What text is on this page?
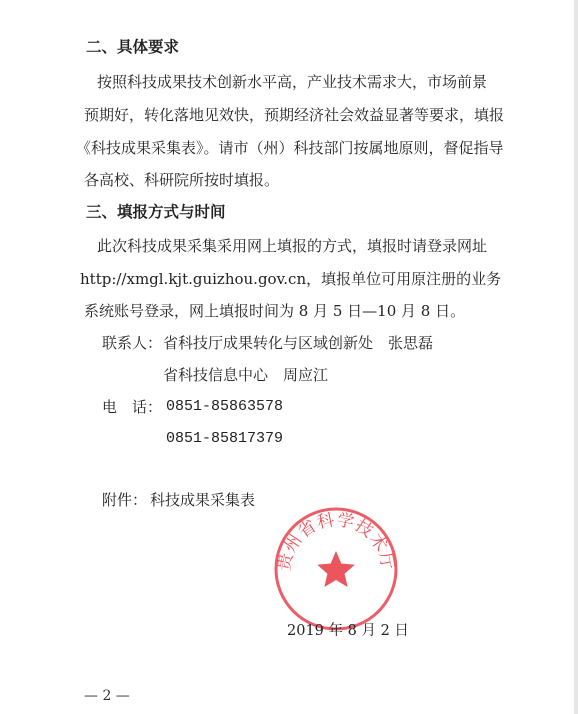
二、具体要求
按照科技成果技术创新水平高，产业技术需求大，市场前景
预期好，转化落地见效快，预期经济社会效益显著等要求，填报
《科技成果采集表》。请市（州）科技部门按属地原则，督促指导
各高校、科研院所按时填报。
三、填报方式与时间
此次科技成果采集采用网上填报的方式，填报时请登录网址
http://xmgl.kjt.guizhou.gov.cn，填报单位可用原注册的业务
系统账号登录，网上填报时间为 8 月 5 日—10 月 8 日。
联系人： 省科技厅成果转化与区域创新处　张思磊
省科技信息中心　周应江
电　话： 0851-85863578
0851-85817379
附件： 科技成果采集表
贵州省科学技术厅
2019 年 8 月 2 日
— 2 —
